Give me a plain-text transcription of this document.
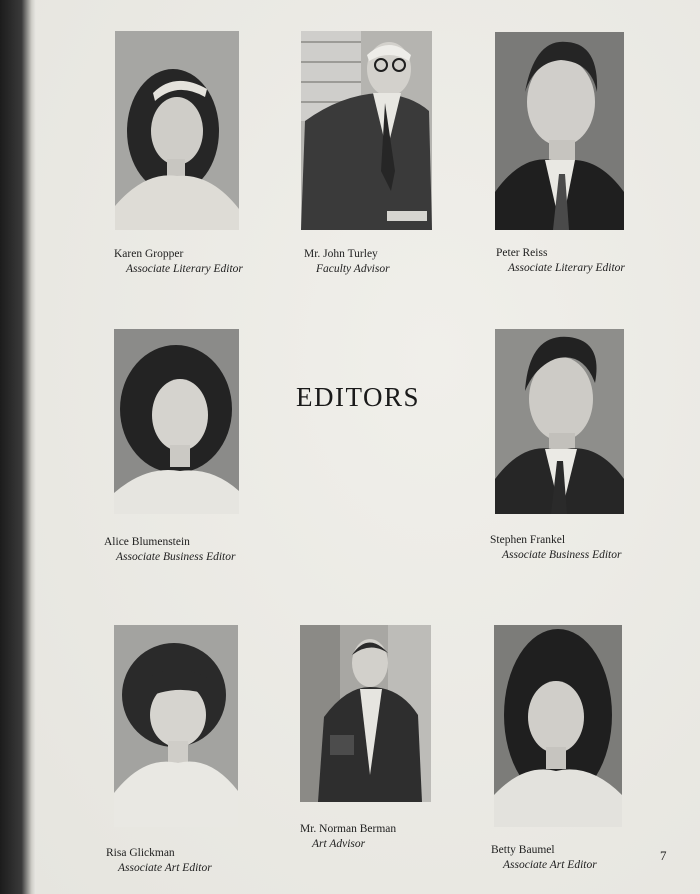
EDITORS
Karen Gropper
Associate Literary Editor
Mr. John Turley
Faculty Advisor
Peter Reiss
Associate Literary Editor
Alice Blumenstein
Associate Business Editor
Stephen Frankel
Associate Business Editor
Risa Glickman
Associate Art Editor
Mr. Norman Berman
Art Advisor	Betty Baumel
Associate Art Editor
7
